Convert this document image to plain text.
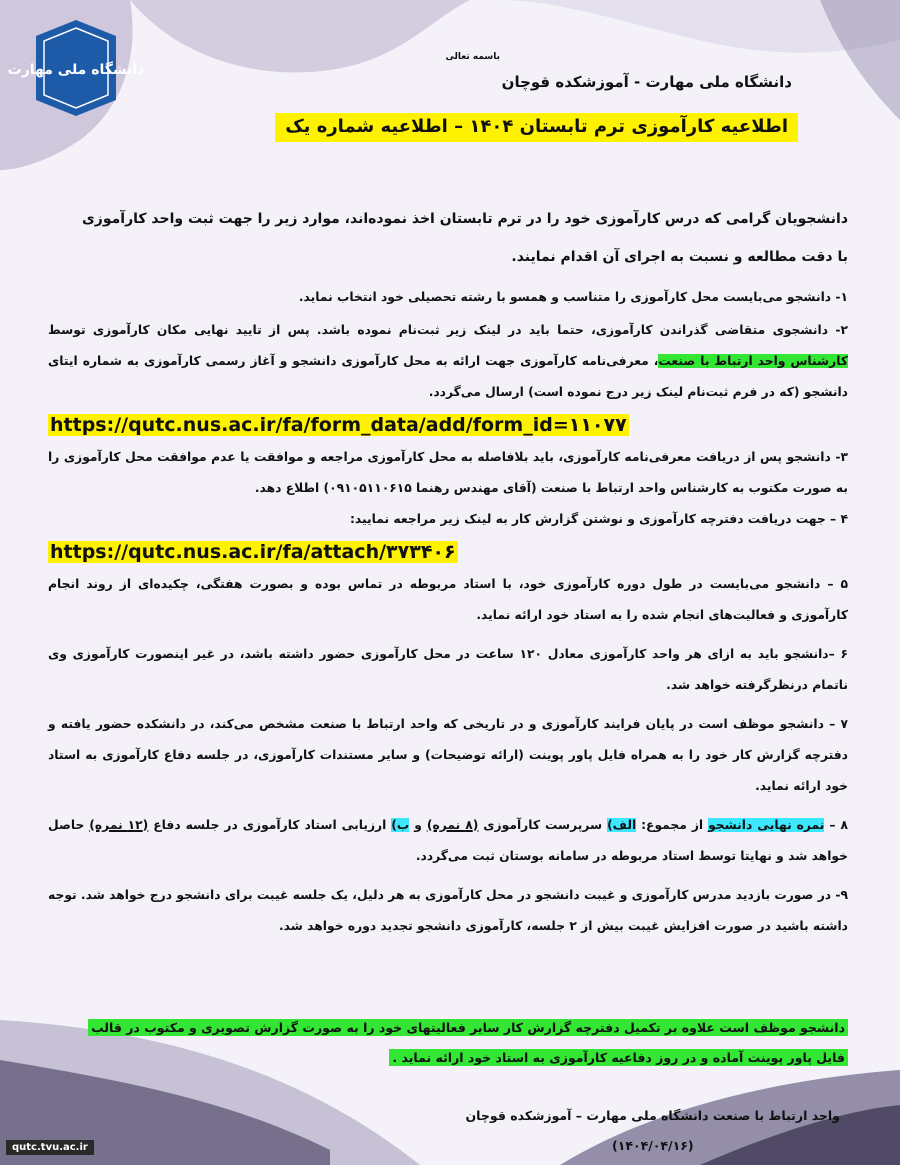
دانشگاه ملی مهارت
باسمه تعالی
دانشگاه ملی مهارت - آموزشکده قوچان
اطلاعیه کارآموزی ترم تابستان ۱۴۰۴ – اطلاعیه شماره یک
دانشجویان گرامی که درس کارآموزی خود را در ترم تابستان اخذ نموده‌اند، موارد زیر را جهت ثبت واحد کارآموزی
با دقت مطالعه و نسبت به اجرای آن اقدام نمایند.

۱- دانشجو می‌بایست محل کارآموزی را متناسب و همسو با رشته تحصیلی خود انتخاب نماید.

۲- دانشجوی متقاضی گذراندن کارآموزی، حتما باید در لینک زیر ثبت‌نام نموده باشد. پس از تایید نهایی مکان کارآموزی توسط کارشناس واحد ارتباط با صنعت، معرفی‌نامه کارآموزی جهت ارائه به محل کارآموزی دانشجو و آغاز رسمی کارآموزی به شماره ایتای دانشجو (که در فرم ثبت‌نام لینک زیر درج نموده است) ارسال می‌گردد.

https://qutc.nus.ac.ir/fa/form_data/add/form_id=۱۱۰۷۷

۳- دانشجو پس از دریافت معرفی‌نامه کارآموزی، باید بلافاصله به محل کارآموزی مراجعه و موافقت یا عدم موافقت محل کارآموزی را به صورت مکتوب به کارشناس واحد ارتباط با صنعت (آقای مهندس رهنما ۰۹۱۰۵۱۱۰۶۱۵) اطلاع دهد.

۴ – جهت دریافت دفترچه کارآموزی و نوشتن گزارش کار به لینک زیر مراجعه نمایید:

https://qutc.nus.ac.ir/fa/attach/۳۷۳۴۰۶

۵ – دانشجو می‌بایست در طول دوره کارآموزی خود، با استاد مربوطه در تماس بوده و بصورت هفتگی، چکیده‌ای از روند انجام کارآموزی و فعالیت‌های انجام شده را به استاد خود ارائه نماید.

۶ –دانشجو باید به ازای هر واحد کارآموزی معادل ۱۲۰ ساعت در محل کارآموزی حضور داشته باشد، در غیر اینصورت کارآموزی وی ناتمام درنظرگرفته خواهد شد.

۷ – دانشجو موظف است در پایان فرایند کارآموزی و در تاریخی که واحد ارتباط با صنعت مشخص می‌کند، در دانشکده حضور یافته و دفترچه گزارش کار خود را به همراه فایل پاور پوینت (ارائه توضیحات) و سایر مستندات کارآموزی، در جلسه دفاع کارآموزی به استاد خود ارائه نماید.

۸ – نمره نهایی دانشجو از مجموع: الف) سرپرست کارآموزی (۸ نمره) و ب) ارزیابی استاد کارآموزی در جلسه دفاع (۱۲ نمره) حاصل خواهد شد و نهایتا توسط استاد مربوطه در سامانه بوستان ثبت می‌گردد.

۹- در صورت بازدید مدرس کارآموزی و غیبت دانشجو در محل کارآموزی به هر دلیل، یک جلسه غیبت برای دانشجو درج خواهد شد. توجه داشته باشید در صورت افزایش غیبت بیش از ۲ جلسه، کارآموزی دانشجو تجدید دوره خواهد شد.

دانشجو موظف است علاوه بر تکمیل دفترچه گزارش کار سایر فعالیتهای خود را به صورت گزارش تصویری و مکتوب در قالب
فایل پاور پوینت آماده و در روز دفاعیه کارآموزی به استاد خود ارائه نماید .
واحد ارتباط با صنعت دانشگاه ملی مهارت – آموزشکده قوچان
(۱۴۰۴/۰۴/۱۶)
qutc.tvu.ac.ir
